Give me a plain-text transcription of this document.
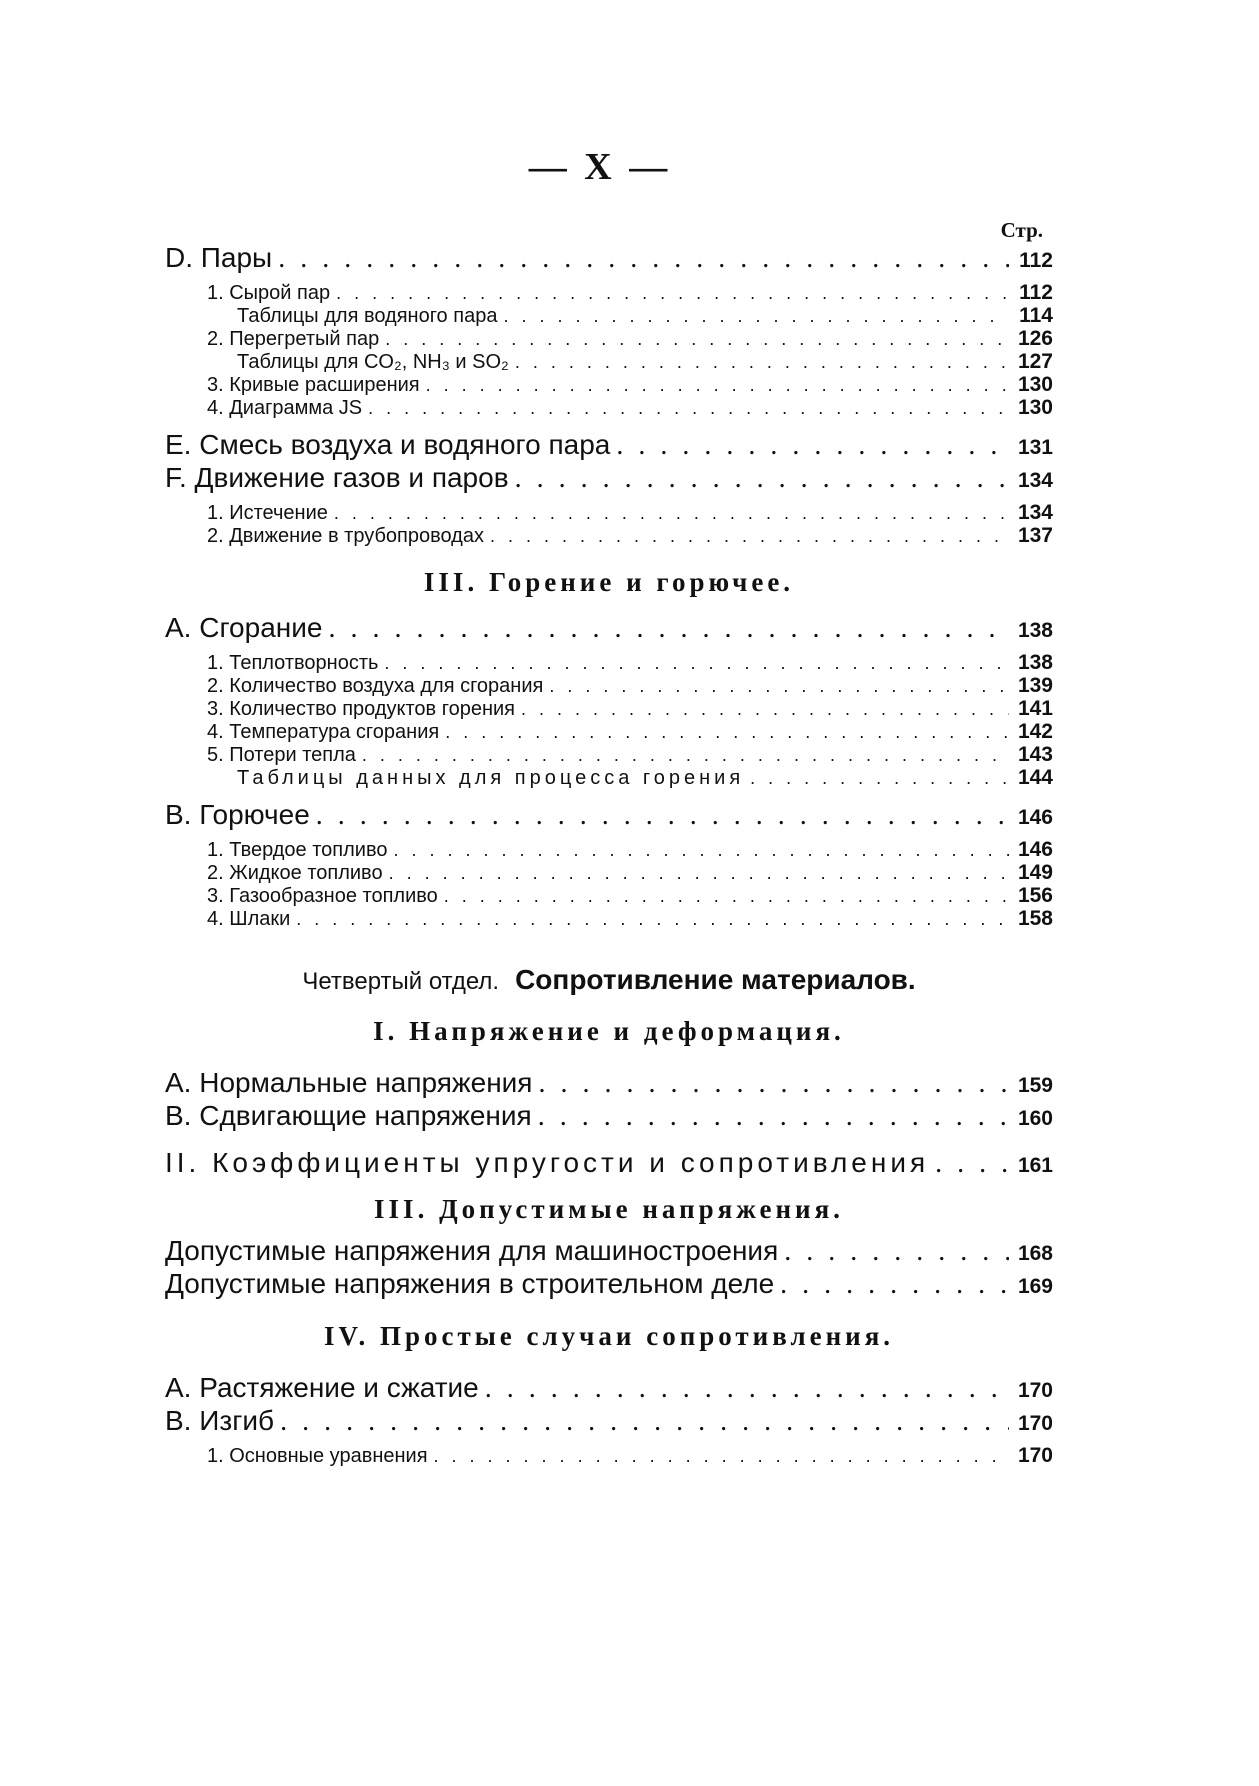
— X —
Стр.
D. Пары . . .	112
1. Сырой пар . . .	112
Таблицы для водяного пара . . .	114
2. Перегретый пар . . .	126
Таблицы для CO₂, NH₃ и SO₂ . . .	127
3. Кривые расширения . . .	130
4. Диаграмма JS . . .	130
E. Смесь воздуха и водяного пара . . .	131
F. Движение газов и паров . . .	134
1. Истечение . . .	134
2. Движение в трубопроводах . . .	137
III. Горение и горючее.
A. Сгорание . . .	138
1. Теплотворность . . .	138
2. Количество воздуха для сгорания . . .	139
3. Количество продуктов горения . . .	141
4. Температура сгорания . . .	142
5. Потери тепла . . .	143
Таблицы данных для процесса горения . . .	144
B. Горючее . . .	146
1. Твердое топливо . . .	146
2. Жидкое топливо . . .	149
3. Газообразное топливо . . .	156
4. Шлаки . . .	158
Четвертый отдел. Сопротивление материалов.
I. Напряжение и деформация.
A. Нормальные напряжения . . .	159
B. Сдвигающие напряжения . . .	160
II. Коэффициенты упругости и сопротивления . . .	161
III. Допустимые напряжения.
Допустимые напряжения для машиностроения . . .	168
Допустимые напряжения в строительном деле . . .	169
IV. Простые случаи сопротивления.
A. Растяжение и сжатие . . .	170
B. Изгиб . . .	170
1. Основные уравнения . . .	170
